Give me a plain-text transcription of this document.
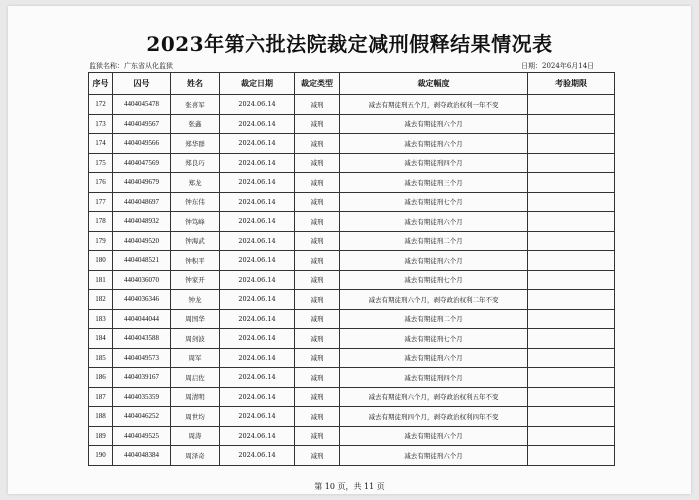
2023年第六批法院裁定减刑假释结果情况表
监狱名称：广东省从化监狱	日期：2024年6月14日
序号	囚号	姓名	裁定日期	裁定类型	裁定幅度	考验期限
172	4404045478	张喜军	2024.06.14	减刑	减去有期徒刑五个月，剥夺政治权利一年不变	
173	4404049567	张鑫	2024.06.14	减刑	减去有期徒刑六个月	
174	4404049566	郑华群	2024.06.14	减刑	减去有期徒刑六个月	
175	4404047569	郑良巧	2024.06.14	减刑	减去有期徒刑四个月	
176	4404049679	郑龙	2024.06.14	减刑	减去有期徒刑三个月	
177	4404048697	钟东伟	2024.06.14	减刑	减去有期徒刑七个月	
178	4404048932	钟笃峰	2024.06.14	减刑	减去有期徒刑六个月	
179	4404049520	钟海武	2024.06.14	减刑	减去有期徒刑二个月	
180	4404048521	钟积平	2024.06.14	减刑	减去有期徒刑六个月	
181	4404036070	钟家开	2024.06.14	减刑	减去有期徒刑七个月	
182	4404036346	钟龙	2024.06.14	减刑	减去有期徒刑六个月，剥夺政治权利二年不变	
183	4404044044	周国华	2024.06.14	减刑	减去有期徒刑二个月	
184	4404043588	周剑波	2024.06.14	减刑	减去有期徒刑七个月	
185	4404049573	周军	2024.06.14	减刑	减去有期徒刑六个月	
186	4404039167	周启佐	2024.06.14	减刑	减去有期徒刑四个月	
187	4404035359	周清明	2024.06.14	减刑	减去有期徒刑六个月，剥夺政治权利五年不变	
188	4404046252	周世均	2024.06.14	减刑	减去有期徒刑四个月，剥夺政治权利四年不变	
189	4404049525	周涛	2024.06.14	减刑	减去有期徒刑六个月	
190	4404048384	周泽奇	2024.06.14	减刑	减去有期徒刑六个月	
第 10 页，共 11 页
